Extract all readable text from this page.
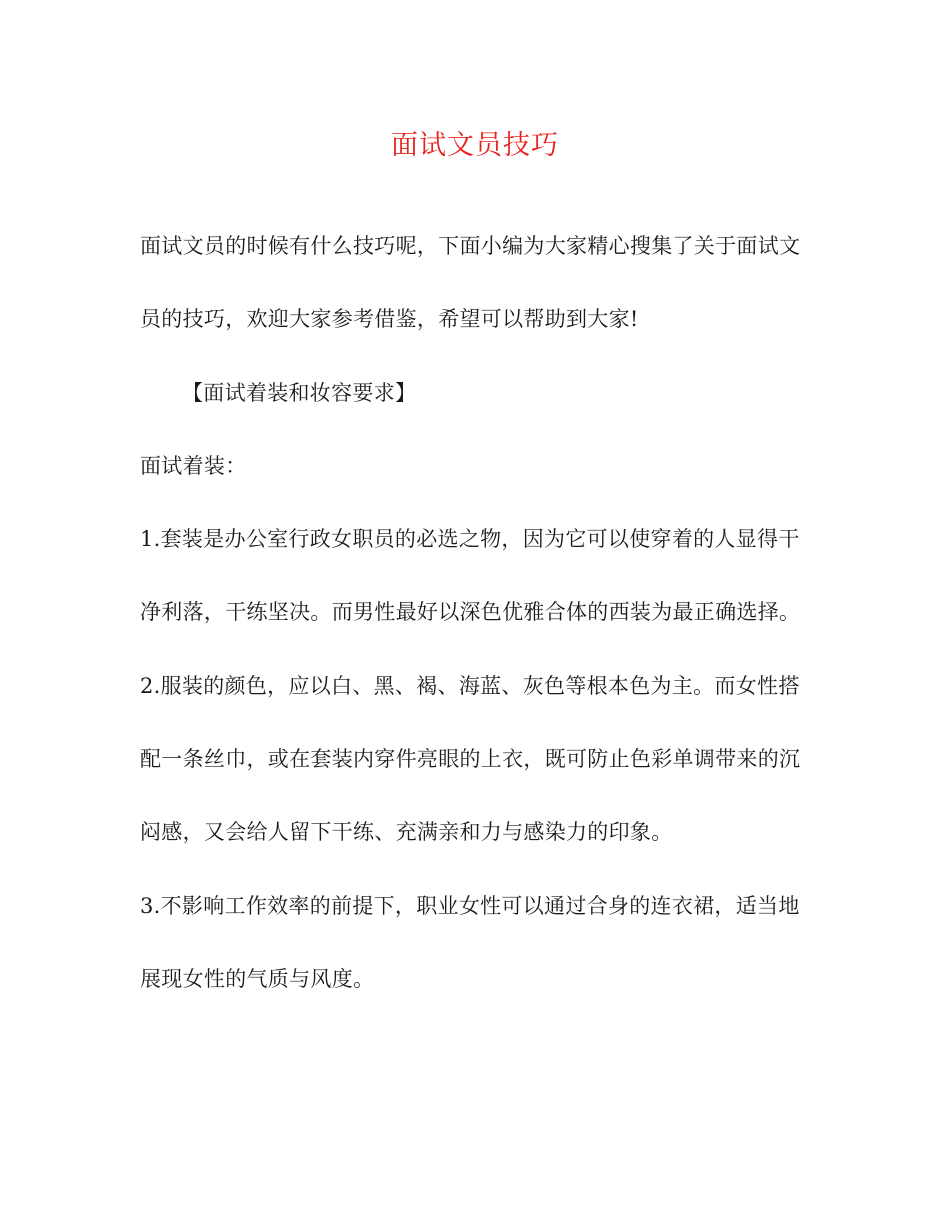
面试文员技巧

面试文员的时候有什么技巧呢，下面小编为大家精心搜集了关于面试文员的技巧，欢迎大家参考借鉴，希望可以帮助到大家!

【面试着装和妆容要求】

面试着装：

1.套装是办公室行政女职员的必选之物，因为它可以使穿着的人显得干净利落，干练坚决。而男性最好以深色优雅合体的西装为最正确选择。

2.服装的颜色，应以白、黑、褐、海蓝、灰色等根本色为主。而女性搭配一条丝巾，或在套装内穿件亮眼的上衣，既可防止色彩单调带来的沉闷感，又会给人留下干练、充满亲和力与感染力的印象。

3.不影响工作效率的前提下，职业女性可以通过合身的连衣裙，适当地展现女性的气质与风度。
